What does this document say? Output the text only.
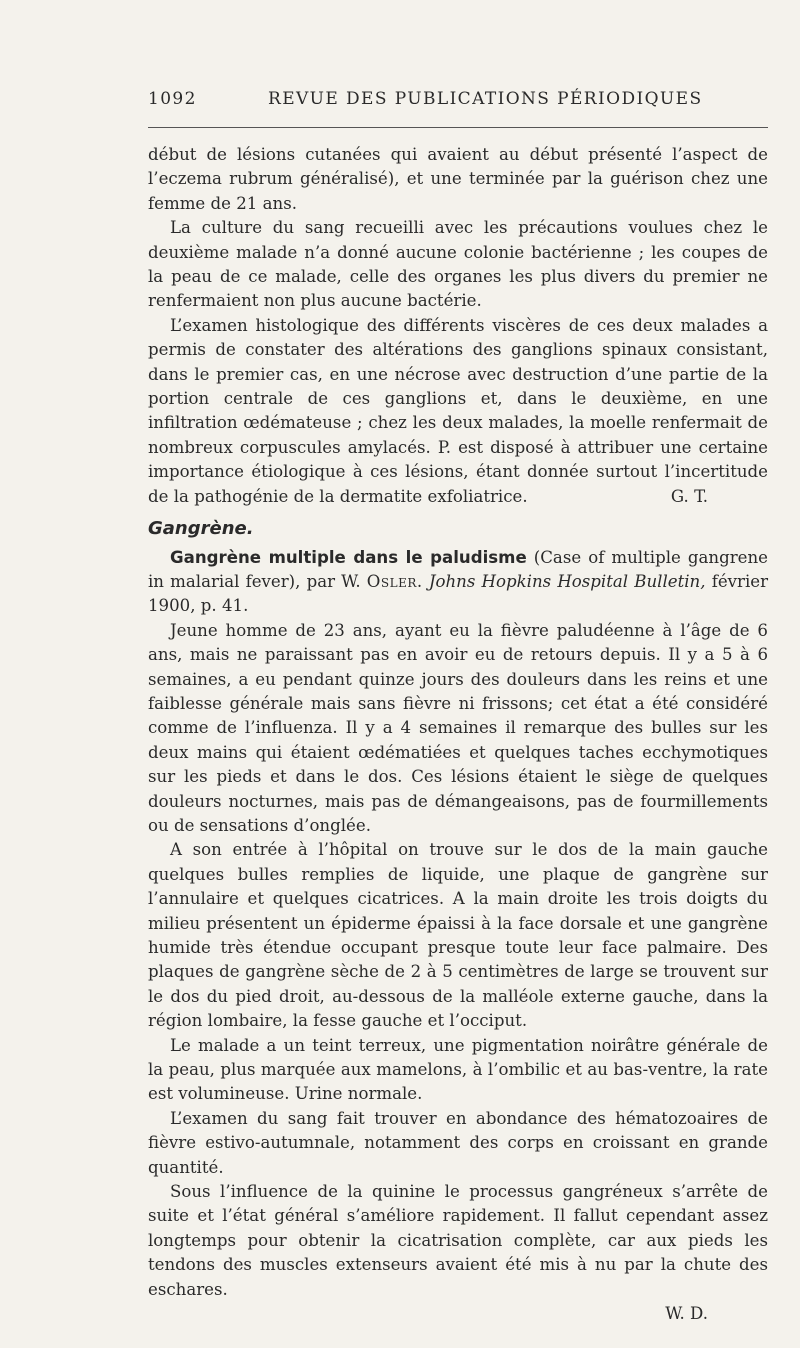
1092	REVUE DES PUBLICATIONS PÉRIODIQUES

début de lésions cutanées qui avaient au début présenté l’aspect de l’eczema rubrum généralisé), et une terminée par la guérison chez une femme de 21 ans.

La culture du sang recueilli avec les précautions voulues chez le deuxième malade n’a donné aucune colonie bactérienne ; les coupes de la peau de ce malade, celle des organes les plus divers du premier ne renfermaient non plus aucune bactérie.

L’examen histologique des différents viscères de ces deux malades a permis de constater des altérations des ganglions spinaux consistant, dans le premier cas, en une nécrose avec destruction d’une partie de la portion centrale de ces ganglions et, dans le deuxième, en une infiltration œdémateuse ; chez les deux malades, la moelle renfermait de nombreux corpuscules amylacés. P. est disposé à attribuer une certaine importance étiologique à ces lésions, étant donnée surtout l’incertitude de la pathogénie de la dermatite exfoliatrice.	G. T.

Gangrène.

Gangrène multiple dans le paludisme (Case of multiple gangrene in malarial fever), par W. Osler. Johns Hopkins Hospital Bulletin, février 1900, p. 41.

Jeune homme de 23 ans, ayant eu la fièvre paludéenne à l’âge de 6 ans, mais ne paraissant pas en avoir eu de retours depuis. Il y a 5 à 6 semaines, a eu pendant quinze jours des douleurs dans les reins et une faiblesse générale mais sans fièvre ni frissons; cet état a été considéré comme de l’influenza. Il y a 4 semaines il remarque des bulles sur les deux mains qui étaient œdématiées et quelques taches ecchymotiques sur les pieds et dans le dos. Ces lésions étaient le siège de quelques douleurs nocturnes, mais pas de démangeaisons, pas de fourmillements ou de sensations d’onglée.

A son entrée à l’hôpital on trouve sur le dos de la main gauche quelques bulles remplies de liquide, une plaque de gangrène sur l’annulaire et quelques cicatrices. A la main droite les trois doigts du milieu présentent un épiderme épaissi à la face dorsale et une gangrène humide très étendue occupant presque toute leur face palmaire. Des plaques de gangrène sèche de 2 à 5 centimètres de large se trouvent sur le dos du pied droit, au-dessous de la malléole externe gauche, dans la région lombaire, la fesse gauche et l’occiput.

Le malade a un teint terreux, une pigmentation noirâtre générale de la peau, plus marquée aux mamelons, à l’ombilic et au bas-ventre, la rate est volumineuse. Urine normale.

L’examen du sang fait trouver en abondance des hématozoaires de fièvre estivo-autumnale, notamment des corps en croissant en grande quantité.

Sous l’influence de la quinine le processus gangréneux s’arrête de suite et l’état général s’améliore rapidement. Il fallut cependant assez longtemps pour obtenir la cicatrisation complète, car aux pieds les tendons des muscles extenseurs avaient été mis à nu par la chute des eschares.

W. D.
